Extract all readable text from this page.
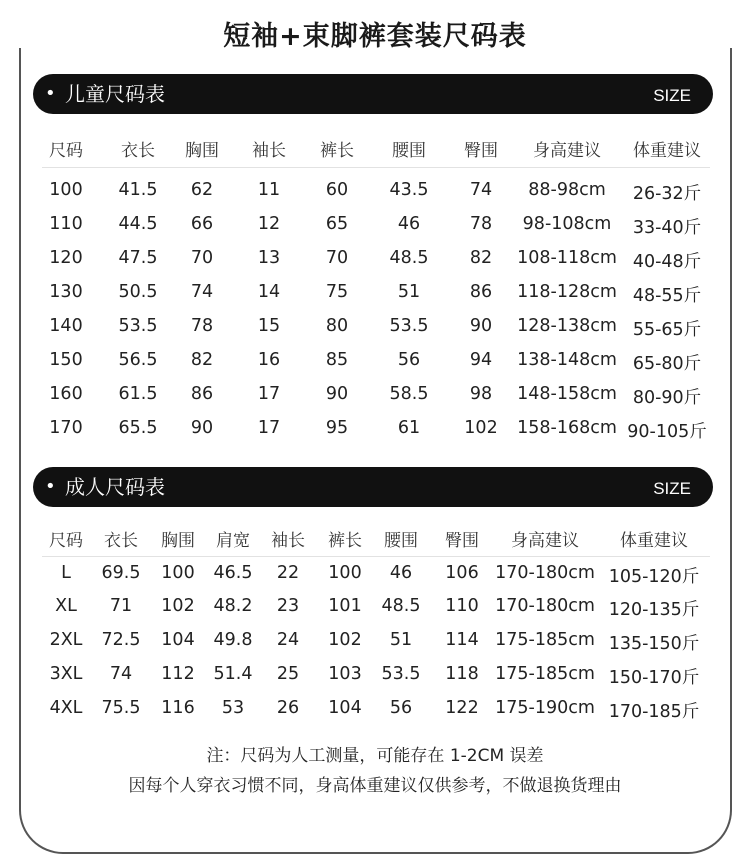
短袖+束脚裤套装尺码表
• 儿童尺码表	SIZE
尺码 衣长 胸围 袖长 裤长 腰围 臀围 身高建议 体重建议
100 41.5 62	11	60 43.5 74 88-98cm 26-32斤
110 44.5 66	12	65	46	78 98-108cm 33-40斤
120 47.5 70	13	70 48.5 82 108-118cm 40-48斤
130 50.5 74	14	75	51	86 118-128cm 48-55斤
140 53.5 78	15	80 53.5 90 128-138cm 55-65斤
150 56.5 82	16	85	56	94 138-148cm 65-80斤
160 61.5 86	17	90 58.5 98 148-158cm 80-90斤
170 65.5 90	17	95	61	102 158-168cm 90-105斤
• 成人尺码表	SIZE
尺码 衣长 胸围 肩宽 袖长 裤长 腰围 臀围 身高建议 体重建议
L 69.5 100 46.5 22 100 46 106 170-180cm 105-120斤
XL 71 102 48.2 23 101 48.5 110 170-180cm 120-135斤
2XL 72.5 104 49.8 24 102 51 114 175-185cm 135-150斤
3XL 74 112 51.4 25 103 53.5 118 175-185cm 150-170斤
4XL 75.5 116 53 26 104 56 122 175-190cm 170-185斤
注：尺码为人工测量，可能存在 1-2CM 误差
因每个人穿衣习惯不同，身高体重建议仅供参考，不做退换货理由
